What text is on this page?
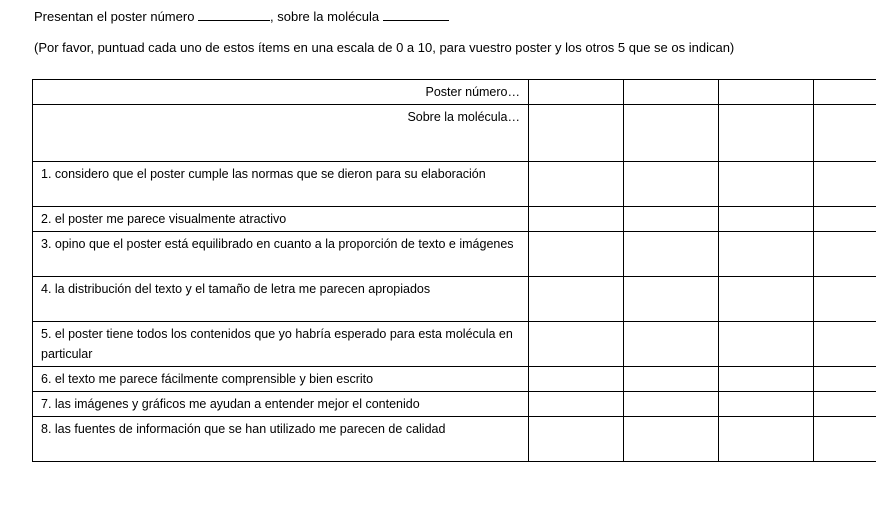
Presentan el poster número	, sobre la molécula
(Por favor, puntuad cada uno de estos ítems en una escala de 0 a 10, para vuestro poster y los otros 5 que se os indican)
Poster número…				
Sobre la molécula…				
1. considero que el poster cumple las normas que se dieron para su elaboración				
2. el poster me parece visualmente atractivo				
3. opino que el poster está equilibrado en cuanto a la proporción de texto e imágenes				
4. la distribución del texto y el tamaño de letra me parecen apropiados				
5. el poster tiene todos los contenidos que yo habría esperado para esta molécula en particular				
6. el texto me parece fácilmente comprensible y bien escrito				
7. las imágenes y gráficos me ayudan a entender mejor el contenido				
8. las fuentes de información que se han utilizado me parecen de calidad				
